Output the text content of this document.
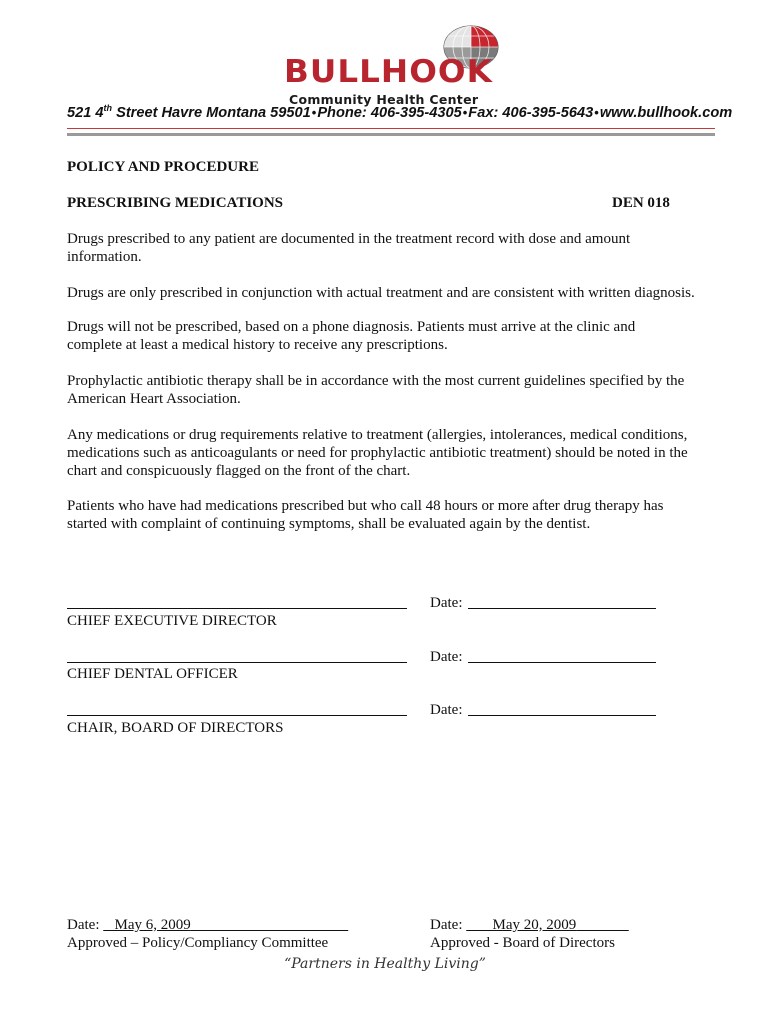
BULLHOOK
Community Health Center
521 4th Street Havre Montana 59501•Phone: 406-395-4305•Fax: 406-395-5643•www.bullhook.com
POLICY AND PROCEDURE
PRESCRIBING MEDICATIONS	DEN 018
Drugs prescribed to any patient are documented in the treatment record with dose and amount information.
Drugs are only prescribed in conjunction with actual treatment and are consistent with written diagnosis.
Drugs will not be prescribed, based on a phone diagnosis. Patients must arrive at the clinic and complete at least a medical history to receive any prescriptions.
Prophylactic antibiotic therapy shall be in accordance with the most current guidelines specified by the American Heart Association.
Any medications or drug requirements relative to treatment (allergies, intolerances, medical conditions, medications such as anticoagulants or need for prophylactic antibiotic treatment) should be noted in the chart and conspicuously flagged on the front of the chart.
Patients who have had medications prescribed but who call 48 hours or more after drug therapy has started with complaint of continuing symptoms, shall be evaluated again by the dentist.
Date:
CHIEF EXECUTIVE DIRECTOR
Date:
CHIEF DENTAL OFFICER
Date:
CHAIR, BOARD OF DIRECTORS
Date: May 6, 2009
Approved – Policy/Compliancy Committee
Date: May 20, 2009
Approved - Board of Directors
“Partners in Healthy Living”
